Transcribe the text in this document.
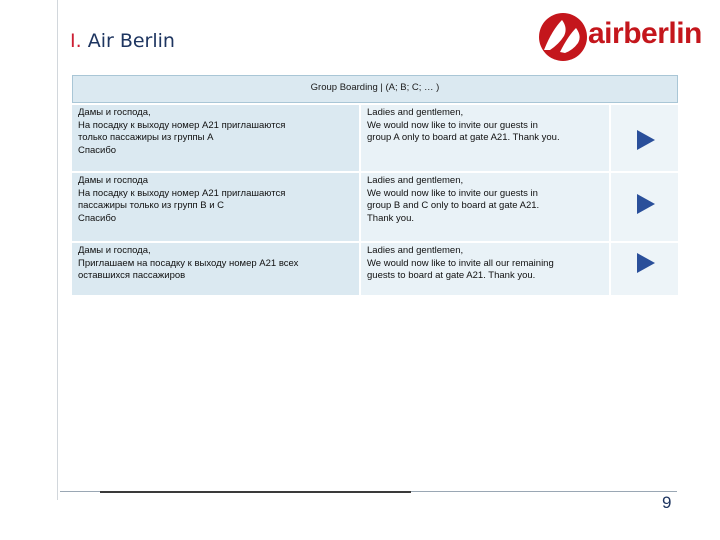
I. Air Berlin	airberlin
Group Boarding | (A; B; C; … )
Дамы и господа,
На посадку к выходу номер A21 приглашаются
только пассажиры из группы A
Спасибо
Ladies and gentlemen,
We would now like to invite our guests in
group A only to board at gate A21. Thank you.
Дамы и господа
На посадку к выходу номер A21 приглашаются
пассажиры только из групп B и C
Спасибо
Ladies and gentlemen,
We would now like to invite our guests in
group B and C only to board at gate A21.
Thank you.
Дамы и господа,
Приглашаем на посадку к выходу номер A21 всех
оставшихся пассажиров
Ladies and gentlemen,
We would now like to invite all our remaining
guests to board at gate A21. Thank you.
9
